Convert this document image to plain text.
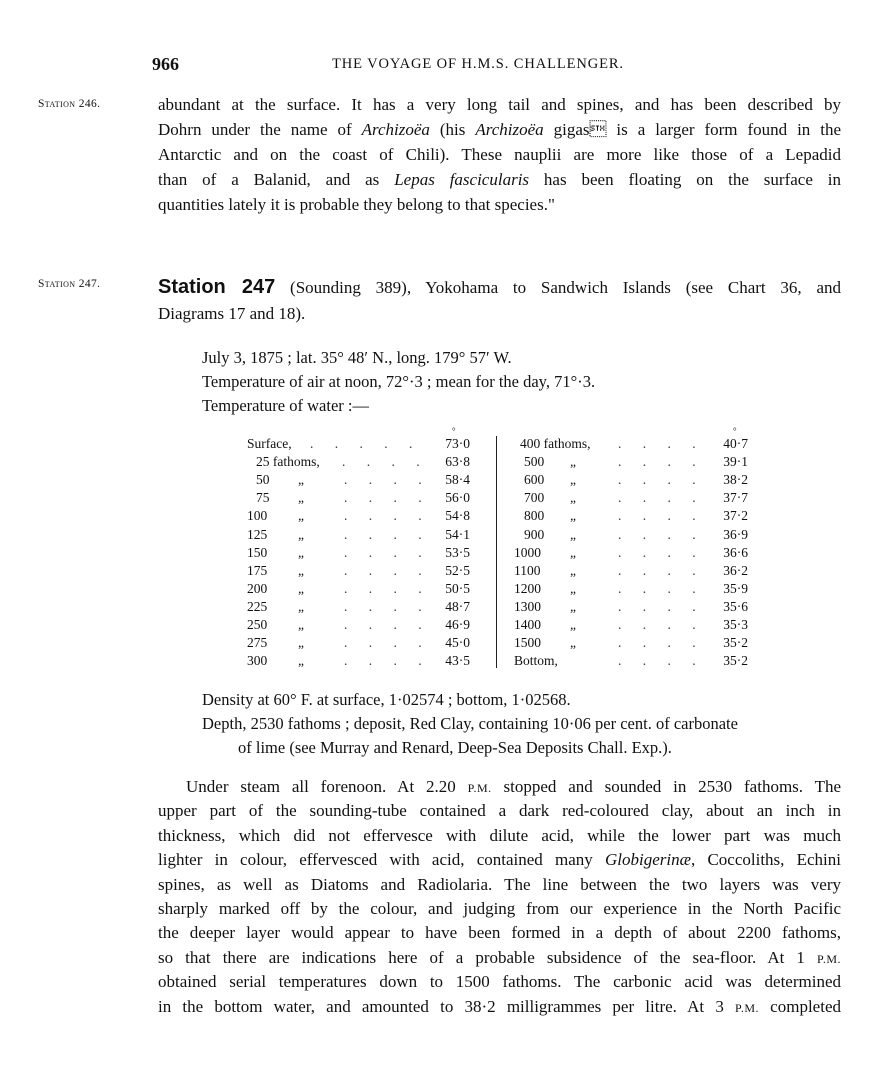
966	THE VOYAGE OF H.M.S. CHALLENGER.
Station 246.
Station 247.
abundant at the surface. It has a very long tail and spines, and has been described by
Dohrn under the name of Archizoëa (his Archizoëa gigas is a larger form found in the
Antarctic and on the coast of Chili). These nauplii are more like those of a Lepadid
than of a Balanid, and as Lepas fascicularis has been floating on the surface in
quantities lately it is probable they belong to that species."
Station 247 (Sounding 389), Yokohama to Sandwich Islands (see Chart 36, and
Diagrams 17 and 18).
July 3, 1875 ; lat. 35° 48′ N., long. 179° 57′ W.
Temperature of air at noon, 72°·3 ; mean for the day, 71°·3.
Temperature of water :—
°	°
Surface, . . . . .	73·0
25 fathoms, . . . .	63·8
50 „	. . . .	58·4
75 „	. . . .	56·0
100 „	. . . .	54·8
125 „	. . . .	54·1
150 „	. . . .	53·5
175 „	. . . .	52·5
200 „	. . . .	50·5
225 „	. . . .	48·7
250 „	. . . .	46·9
275 „	. . . .	45·0
300 „	. . . .	43·5
400 fathoms, . . . .	40·7
500 „	. . . .	39·1
600 „	. . . .	38·2
700 „	. . . .	37·7
800 „	. . . .	37·2
900 „	. . . .	36·9
1000 „	. . . .	36·6
1100 „	. . . .	36·2
1200 „	. . . .	35·9
1300 „	. . . .	35·6
1400 „	. . . .	35·3
1500 „	. . . .	35·2
Bottom,	. . . .	35·2
Density at 60° F. at surface, 1·02574 ; bottom, 1·02568.
Depth, 2530 fathoms ; deposit, Red Clay, containing 10·06 per cent. of carbonate
of lime (see Murray and Renard, Deep-Sea Deposits Chall. Exp.).
Under steam all forenoon. At 2.20 P.M. stopped and sounded in 2530 fathoms. The
upper part of the sounding-tube contained a dark red-coloured clay, about an inch in
thickness, which did not effervesce with dilute acid, while the lower part was much
lighter in colour, effervesced with acid, contained many Globigerinæ, Coccoliths, Echini
spines, as well as Diatoms and Radiolaria. The line between the two layers was very
sharply marked off by the colour, and judging from our experience in the North Pacific
the deeper layer would appear to have been formed in a depth of about 2200 fathoms,
so that there are indications here of a probable subsidence of the sea-floor. At 1 P.M.
obtained serial temperatures down to 1500 fathoms. The carbonic acid was determined
in the bottom water, and amounted to 38·2 milligrammes per litre. At 3 P.M. completed
